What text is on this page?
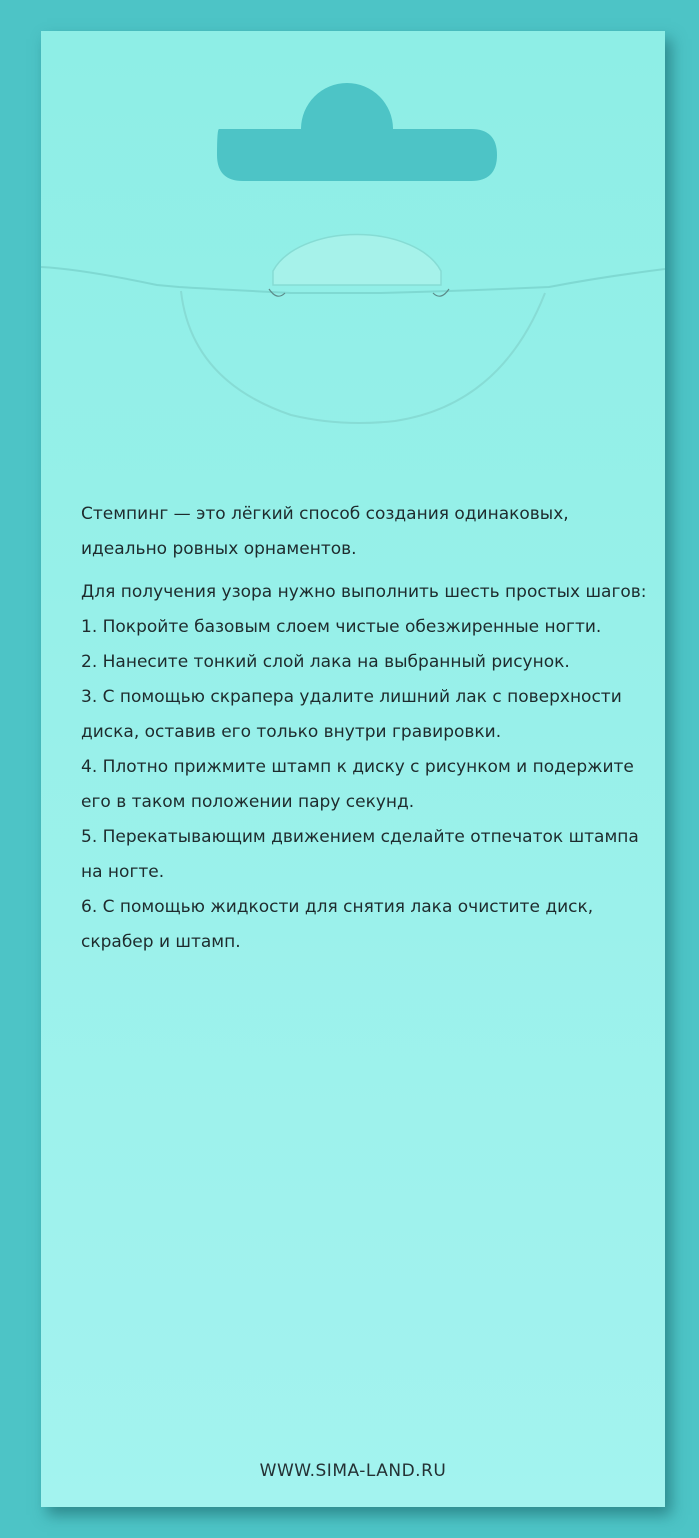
Стемпинг — это лёгкий способ создания одинаковых, идеально ровных орнаментов.

Для получения узора нужно выполнить шесть простых шагов:

1. Покройте базовым слоем чистые обезжиренные ногти.

2. Нанесите тонкий слой лака на выбранный рисунок.

3. С помощью скрапера удалите лишний лак с поверхности диска, оставив его только внутри гравировки.

4. Плотно прижмите штамп к диску с рисунком и подержите его в таком положении пару секунд.

5. Перекатывающим движением сделайте отпечаток штампа на ногте.

6. С помощью жидкости для снятия лака очистите диск, скрабер и штамп.

WWW.SIMA-LAND.RU
